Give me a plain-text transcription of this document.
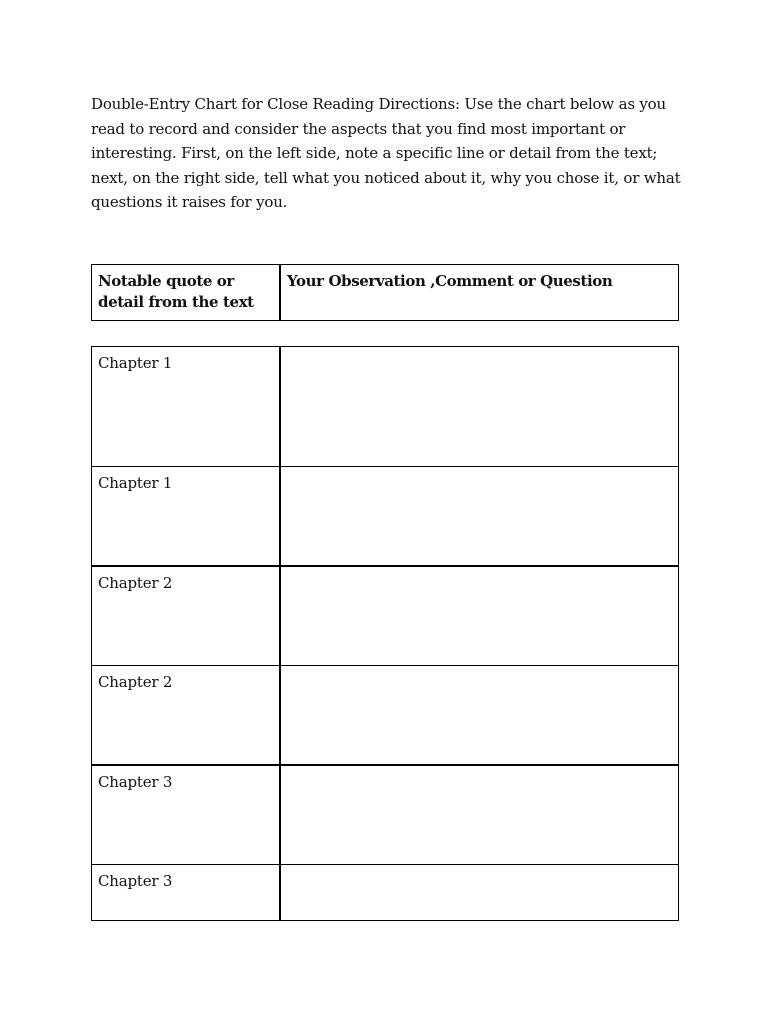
Double-Entry Chart for Close Reading Directions: Use the chart below as you read to record and consider the aspects that you find most important or interesting. First, on the left side, note a specific line or detail from the text; next, on the right side, tell what you noticed about it, why you chose it, or what questions it raises for you.

Notable quote or detail from the text	Your Observation ,Comment or Question
Chapter 1	
Chapter 1	
Chapter 2	
Chapter 2	
Chapter 3	
Chapter 3	
